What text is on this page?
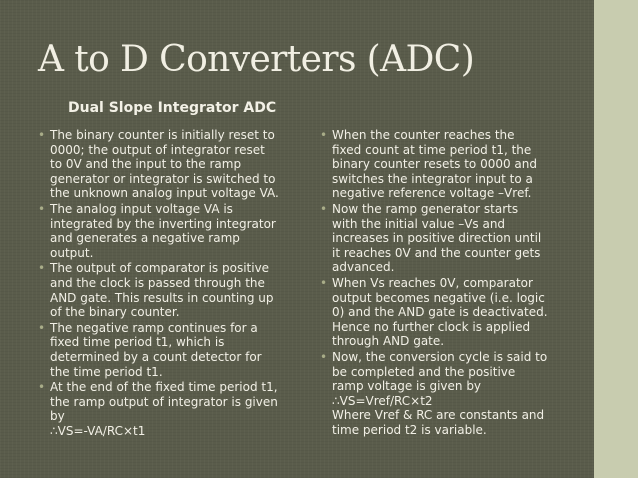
A to D Converters (ADC)
Dual Slope Integrator ADC
• The binary counter is initially reset to
0000; the output of integrator reset
to 0V and the input to the ramp
generator or integrator is switched to
the unknown analog input voltage VA.
• The analog input voltage VA is
integrated by the inverting integrator
and generates a negative ramp
output.
• The output of comparator is positive
and the clock is passed through the
AND gate. This results in counting up
of the binary counter.
• The negative ramp continues for a
fixed time period t1, which is
determined by a count detector for
the time period t1.
• At the end of the fixed time period t1,
the ramp output of integrator is given
by
∴VS=-VA/RC×t1
• When the counter reaches the
fixed count at time period t1, the
binary counter resets to 0000 and
switches the integrator input to a
negative reference voltage –Vref.
• Now the ramp generator starts
with the initial value –Vs and
increases in positive direction until
it reaches 0V and the counter gets
advanced.
• When Vs reaches 0V, comparator
output becomes negative (i.e. logic
0) and the AND gate is deactivated.
Hence no further clock is applied
through AND gate.
• Now, the conversion cycle is said to
be completed and the positive
ramp voltage is given by
∴VS=Vref/RC×t2
Where Vref & RC are constants and
time period t2 is variable.
